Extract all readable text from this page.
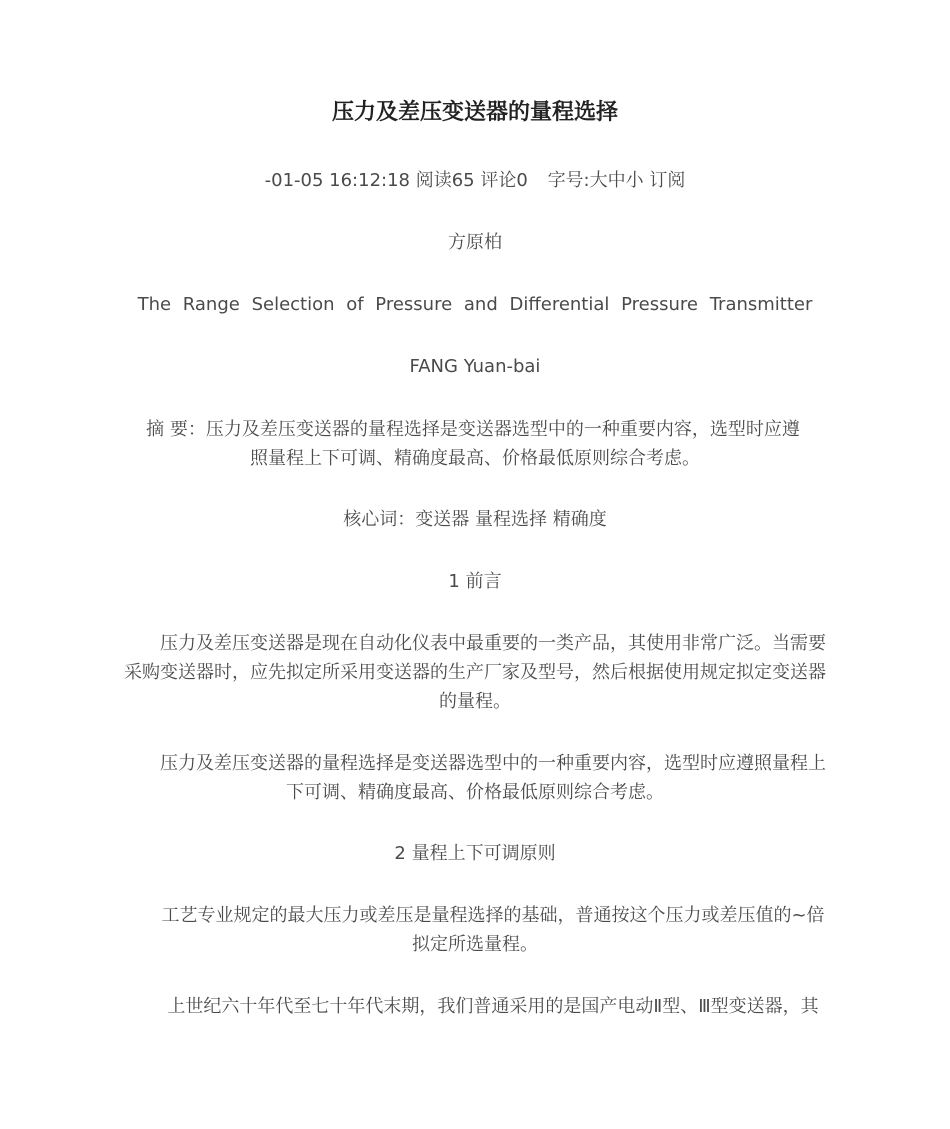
压力及差压变送器的量程选择
-01-05 16:12:18 阅读65 评论0 字号:大中小 订阅
方原柏
The Range Selection of Pressure and Differential Pressure Transmitter
FANG Yuan-bai
摘 要：压力及差压变送器的量程选择是变送器选型中的一种重要内容，选型时应遵
照量程上下可调、精确度最高、价格最低原则综合考虑。
核心词：变送器 量程选择 精确度
1 前言
压力及差压变送器是现在自动化仪表中最重要的一类产品，其使用非常广泛。当需要
采购变送器时，应先拟定所采用变送器的生产厂家及型号，然后根据使用规定拟定变送器
的量程。
压力及差压变送器的量程选择是变送器选型中的一种重要内容，选型时应遵照量程上
下可调、精确度最高、价格最低原则综合考虑。
2 量程上下可调原则
工艺专业规定的最大压力或差压是量程选择的基础，普通按这个压力或差压值的~倍
拟定所选量程。
上世纪六十年代至七十年代末期，我们普通采用的是国产电动Ⅱ型、Ⅲ型变送器，其
